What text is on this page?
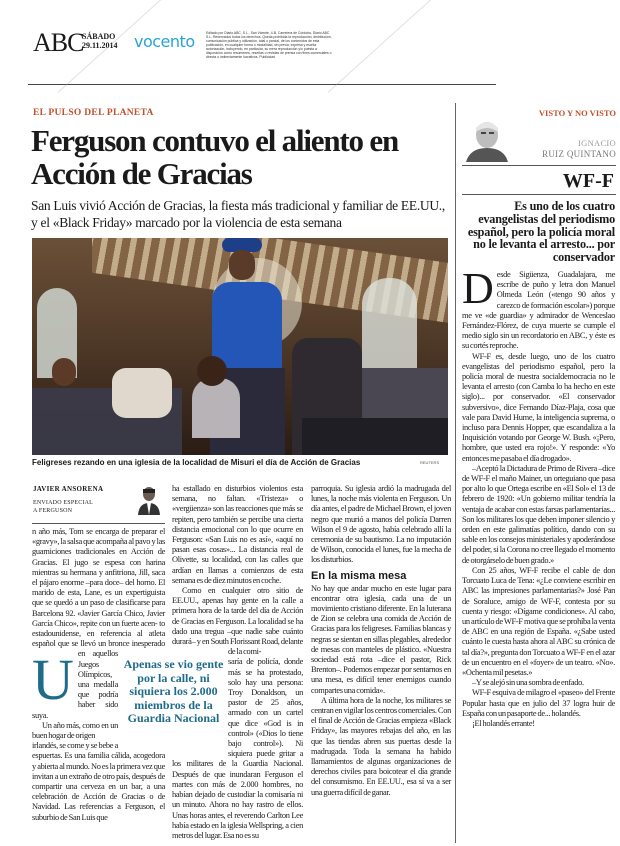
ABC
SÁBADO
29.11.2014 vocento	Editado por Diario ABC, S.L., San Vicente, 4-B, Carretera de Córdoba, Diario ABC S.L. Reservados todos los derechos. Queda prohibida la reproducción, distribución, comunicación pública y utilización, total o parcial, de los contenidos de esta publicación, en cualquier forma o modalidad, sin previa, expresa y escrita autorización, incluyendo, en particular, su mera reproducción y/o puesta a disposición como resúmenes, reseñas o revistas de prensa con fines comerciales o directa o indirectamente lucrativos. Publicidad
EL PULSO DEL PLANETA
Ferguson contuvo el aliento en Acción de Gracias
San Luis vivió Acción de Gracias, la fiesta más tradicional y familiar de EE.UU., y el «Black Friday» marcado por la violencia de esta semana
Feligreses rezando en una iglesia de la localidad de Misuri el día de Acción de Gracias	REUTERS
JAVIER ANSORENA
ENVIADO ESPECIAL
A FERGUSON
U
n año más, Tom se encarga de preparar el «gravy», la salsa que acompaña al pavo y las guarniciones tradicionales en Acción de Gracias. El jugo se espesa con harina mientras su hermana y anfitriona, Jill, saca el pájaro enorme –para doce– del horno. El marido de esta, Lane, es un expertiguista que se quedó a un paso de clasificarse para Barcelona 92. «Javier García Chico, Javier García Chico», repite con un fuerte acen- to estadounidense, en referencia al atleta español que se llevó un bronce inesperado en aquellos Juegos Olímpicos, una medalla que podría haber sido suya.

Un año más, como en un buen hogar de origen

irlandés, se come y se bebe a espuertas. Es una familia cálida, acogedora y abierta al mundo. No es la primera vez que invitan a un extraño de otro país, después de compartir una cerveza en un bar, a una celebración de Acción de Gracias o de Navidad. Las referencias a Ferguson, el suburbio de San Luis que

ha estallado en disturbios violentos esta semana, no faltan. «Tristeza» o «vergüenza» son las reacciones que más se repiten, pero también se percibe una cierta distancia emocional con lo que ocurre en Ferguson: «San Luis no es así», «aquí no pasan esas cosas»... La distancia real de Olivette, su localidad, con las calles que ardían en llamas a comienzos de esta semana es de diez minutos en coche.

Como en cualquier otro sitio de EE.UU., apenas hay gente en la calle a primera hora de la tarde del día de Acción de Gracias en Ferguson. La localidad se ha dado una tregua –que nadie sabe cuánto durará– y en South Florissant Road, delante de la comi-

saría de policía, donde más se ha protestado, solo hay una persona: Troy Donaldson, un pastor de 25 años, armado con un cartel que dice «God is in control» («Dios lo tiene bajo control»). Ni siquiera puede gritar a los militares de la Guardia Nacional. Después de que inundaran Ferguson el martes con más de 2.000 hombres, no habían dejado de custodiar la comisaría ni un minuto. Ahora no hay rastro de ellos. Unas horas antes, el reverendo Carlton Lee había estado en la iglesia Wellspring, a cien metros del lugar. Esa no es su
Apenas se vio gente por la calle, ni siquiera los 2.000 miembros de la Guardia Nacional

parroquia. Su iglesia ardió la madrugada del lunes, la noche más violenta en Ferguson. Un día antes, el padre de Michael Brown, el joven negro que murió a manos del policía Darren Wilson el 9 de agosto, había celebrado allí la ceremonia de su bautismo. La no imputación de Wilson, conocida el lunes, fue la mecha de los disturbios.

En la misma mesa

No hay que andar mucho en este lugar para encontrar otra iglesia, cada una de un movimiento cristiano diferente. En la luterana de Zion se celebra una comida de Acción de Gracias para los feligreses. Familias blancas y negras se sientan en sillas plegables, alrededor de mesas con manteles de plástico. «Nuestra sociedad está rota –dice el pastor, Rick Brenton–. Podemos empezar por sentarnos en una mesa, es difícil tener enemigos cuando compartes una comida».

A última hora de la noche, los militares se centran en vigilar los centros comerciales. Con el final de Acción de Gracias empieza «Black Friday», las mayores rebajas del año, en las que las tiendas abren sus puertas desde la madrugada. Toda la semana ha habido llamamientos de algunas organizaciones de derechos civiles para boicotear el día grande del consumismo. En EE.UU., esa sí va a ser una guerra difícil de ganar.

VISTO Y NO VISTO
IGNACIO
RUIZ QUINTANO
WF-F
Es uno de los cuatro evangelistas del periodismo español, pero la policía moral no le levanta el arresto... por conservador

Desde Sigüenza, Guadalajara, me escribe de puño y letra don Manuel Olmeda León («tengo 90 años y carezco de formación escolar») porque me ve «de guardia» y admirador de Wenceslao Fernández-Flórez, de cuya muerte se cumple el medio siglo sin un recordatorio en ABC, y éste es su cortés reproche.

WF-F es, desde luego, uno de los cuatro evangelistas del periodismo español, pero la policía moral de nuestra socialdemocracia no le levanta el arresto (con Camba lo ha hecho en este siglo)... por conservador. «El conservador subversivo», dice Fernando Díaz-Plaja, cosa que vale para David Hume, la inteligencia suprema, o incluso para Dennis Hopper, que escandaliza a la Inquisición votando por George W. Bush. «¡Pero, hombre, que usted era rojo!». Y responde: «Yo entonces me pasaba el día drogado».

–Aceptó la Dictadura de Primo de Rivera –dice de WF-F el maño Mainer, un orteguiano que pasa por alto lo que Ortega escribe en «El Sol» el 13 de febrero de 1920: «Un gobierno militar tendría la ventaja de acabar con estas farsas parlamentarias... Son los militares los que deben imponer silencio y orden en este galimatías político, dando con su sable en los consejos ministeriales y apoderándose del poder, si la Corona no cree llegado el momento de otorgárselo de buen grado.»

Con 25 años, WF-F recibe el cable de don Torcuato Luca de Tena: «¿Le conviene escribir en ABC las impresiones parlamentarias?» José Pan de Soraluce, amigo de WF-F, contesta por su cuenta y riesgo: «Dígame condiciones». Al cabo, un artículo de WF-F motiva que se prohíba la venta de ABC en una región de España. «¿Sabe usted cuánto le cuesta hasta ahora al ABC su crónica de tal día?», pregunta don Torcuato a WF-F en el azar de un encuentro en el «foyer» de un teatro. «No». «Ochenta mil pesetas.»

–Y se alejó sin una sombra de enfado.

WF-F esquiva de milagro el «paseo» del Frente Popular hasta que en julio del 37 logra huir de España con un pasaporte de... holandés.

¡El holandés errante!
